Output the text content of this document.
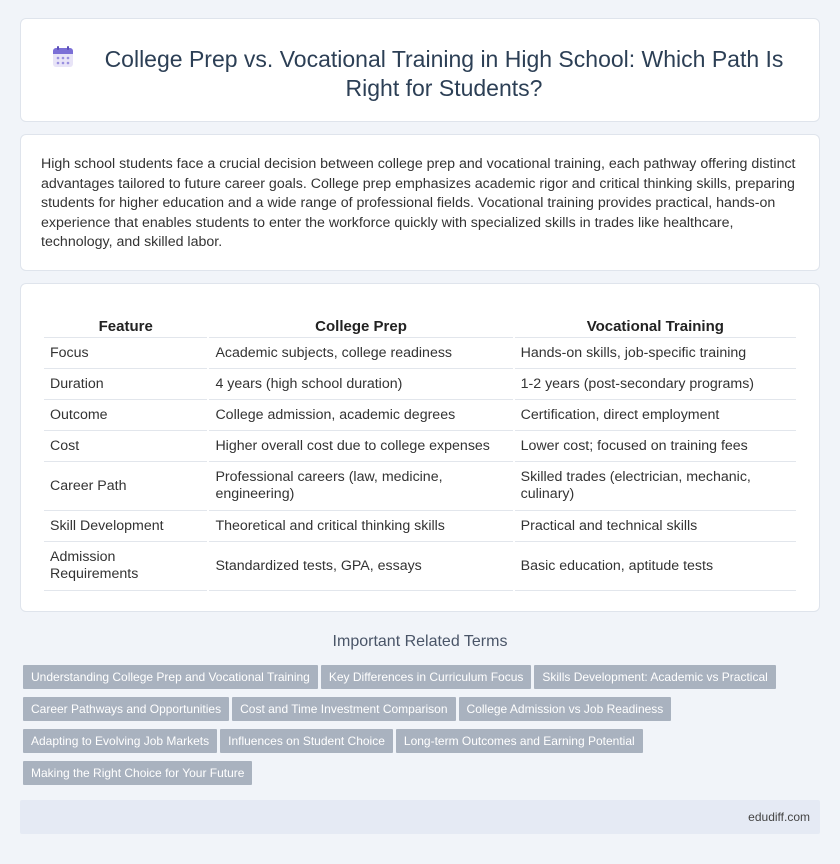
College Prep vs. Vocational Training in High School: Which Path Is Right for Students?

High school students face a crucial decision between college prep and vocational training, each pathway offering distinct advantages tailored to future career goals. College prep emphasizes academic rigor and critical thinking skills, preparing students for higher education and a wide range of professional fields. Vocational training provides practical, hands-on experience that enables students to enter the workforce quickly with specialized skills in trades like healthcare, technology, and skilled labor.

Feature	College Prep	Vocational Training
Focus	Academic subjects, college readiness	Hands-on skills, job-specific training
Duration	4 years (high school duration)	1-2 years (post-secondary programs)
Outcome	College admission, academic degrees	Certification, direct employment
Cost	Higher overall cost due to college expenses	Lower cost; focused on training fees
Career Path	Professional careers (law, medicine, engineering)	Skilled trades (electrician, mechanic, culinary)
Skill Development	Theoretical and critical thinking skills	Practical and technical skills
Admission Requirements	Standardized tests, GPA, essays	Basic education, aptitude tests
Important Related Terms
Understanding College Prep and Vocational Training Key Differences in Curriculum Focus Skills Development: Academic vs Practical
Career Pathways and Opportunities Cost and Time Investment Comparison College Admission vs Job Readiness
Adapting to Evolving Job Markets Influences on Student Choice Long-term Outcomes and Earning Potential
Making the Right Choice for Your Future
edudiff.com
